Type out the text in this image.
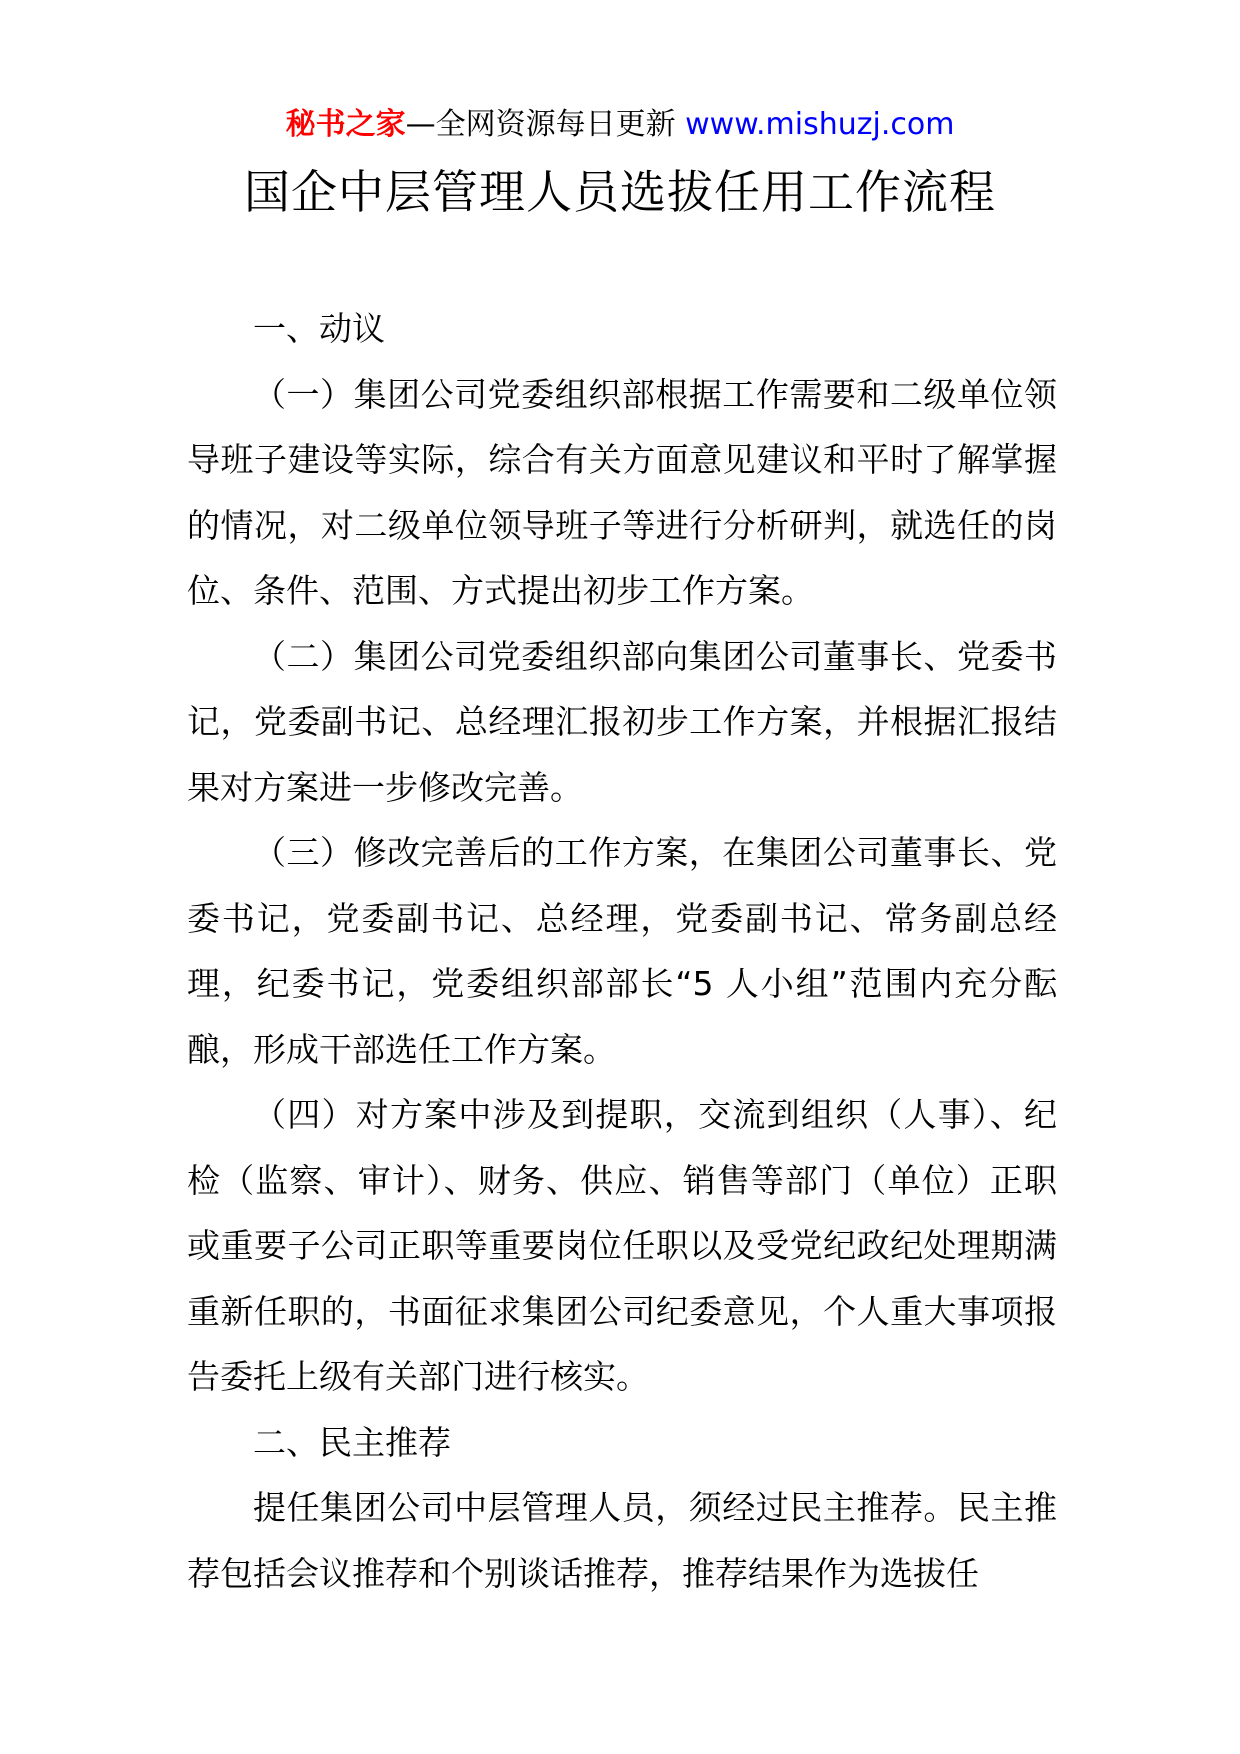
秘书之家—全网资源每日更新 www.mishuzj.com
国企中层管理人员选拔任用工作流程

一、动议

（一）集团公司党委组织部根据工作需要和二级单位领导班子建设等实际，综合有关方面意见建议和平时了解掌握的情况，对二级单位领导班子等进行分析研判，就选任的岗位、条件、范围、方式提出初步工作方案。

（二）集团公司党委组织部向集团公司董事长、党委书记，党委副书记、总经理汇报初步工作方案，并根据汇报结果对方案进一步修改完善。

（三）修改完善后的工作方案，在集团公司董事长、党委书记，党委副书记、总经理，党委副书记、常务副总经理，纪委书记，党委组织部部长“5 人小组”范围内充分酝酿，形成干部选任工作方案。

（四）对方案中涉及到提职，交流到组织（人事）、纪检（监察、审计）、财务、供应、销售等部门（单位）正职或重要子公司正职等重要岗位任职以及受党纪政纪处理期满重新任职的，书面征求集团公司纪委意见，个人重大事项报告委托上级有关部门进行核实。

二、民主推荐

提任集团公司中层管理人员，须经过民主推荐。民主推荐包括会议推荐和个别谈话推荐，推荐结果作为选拔任
